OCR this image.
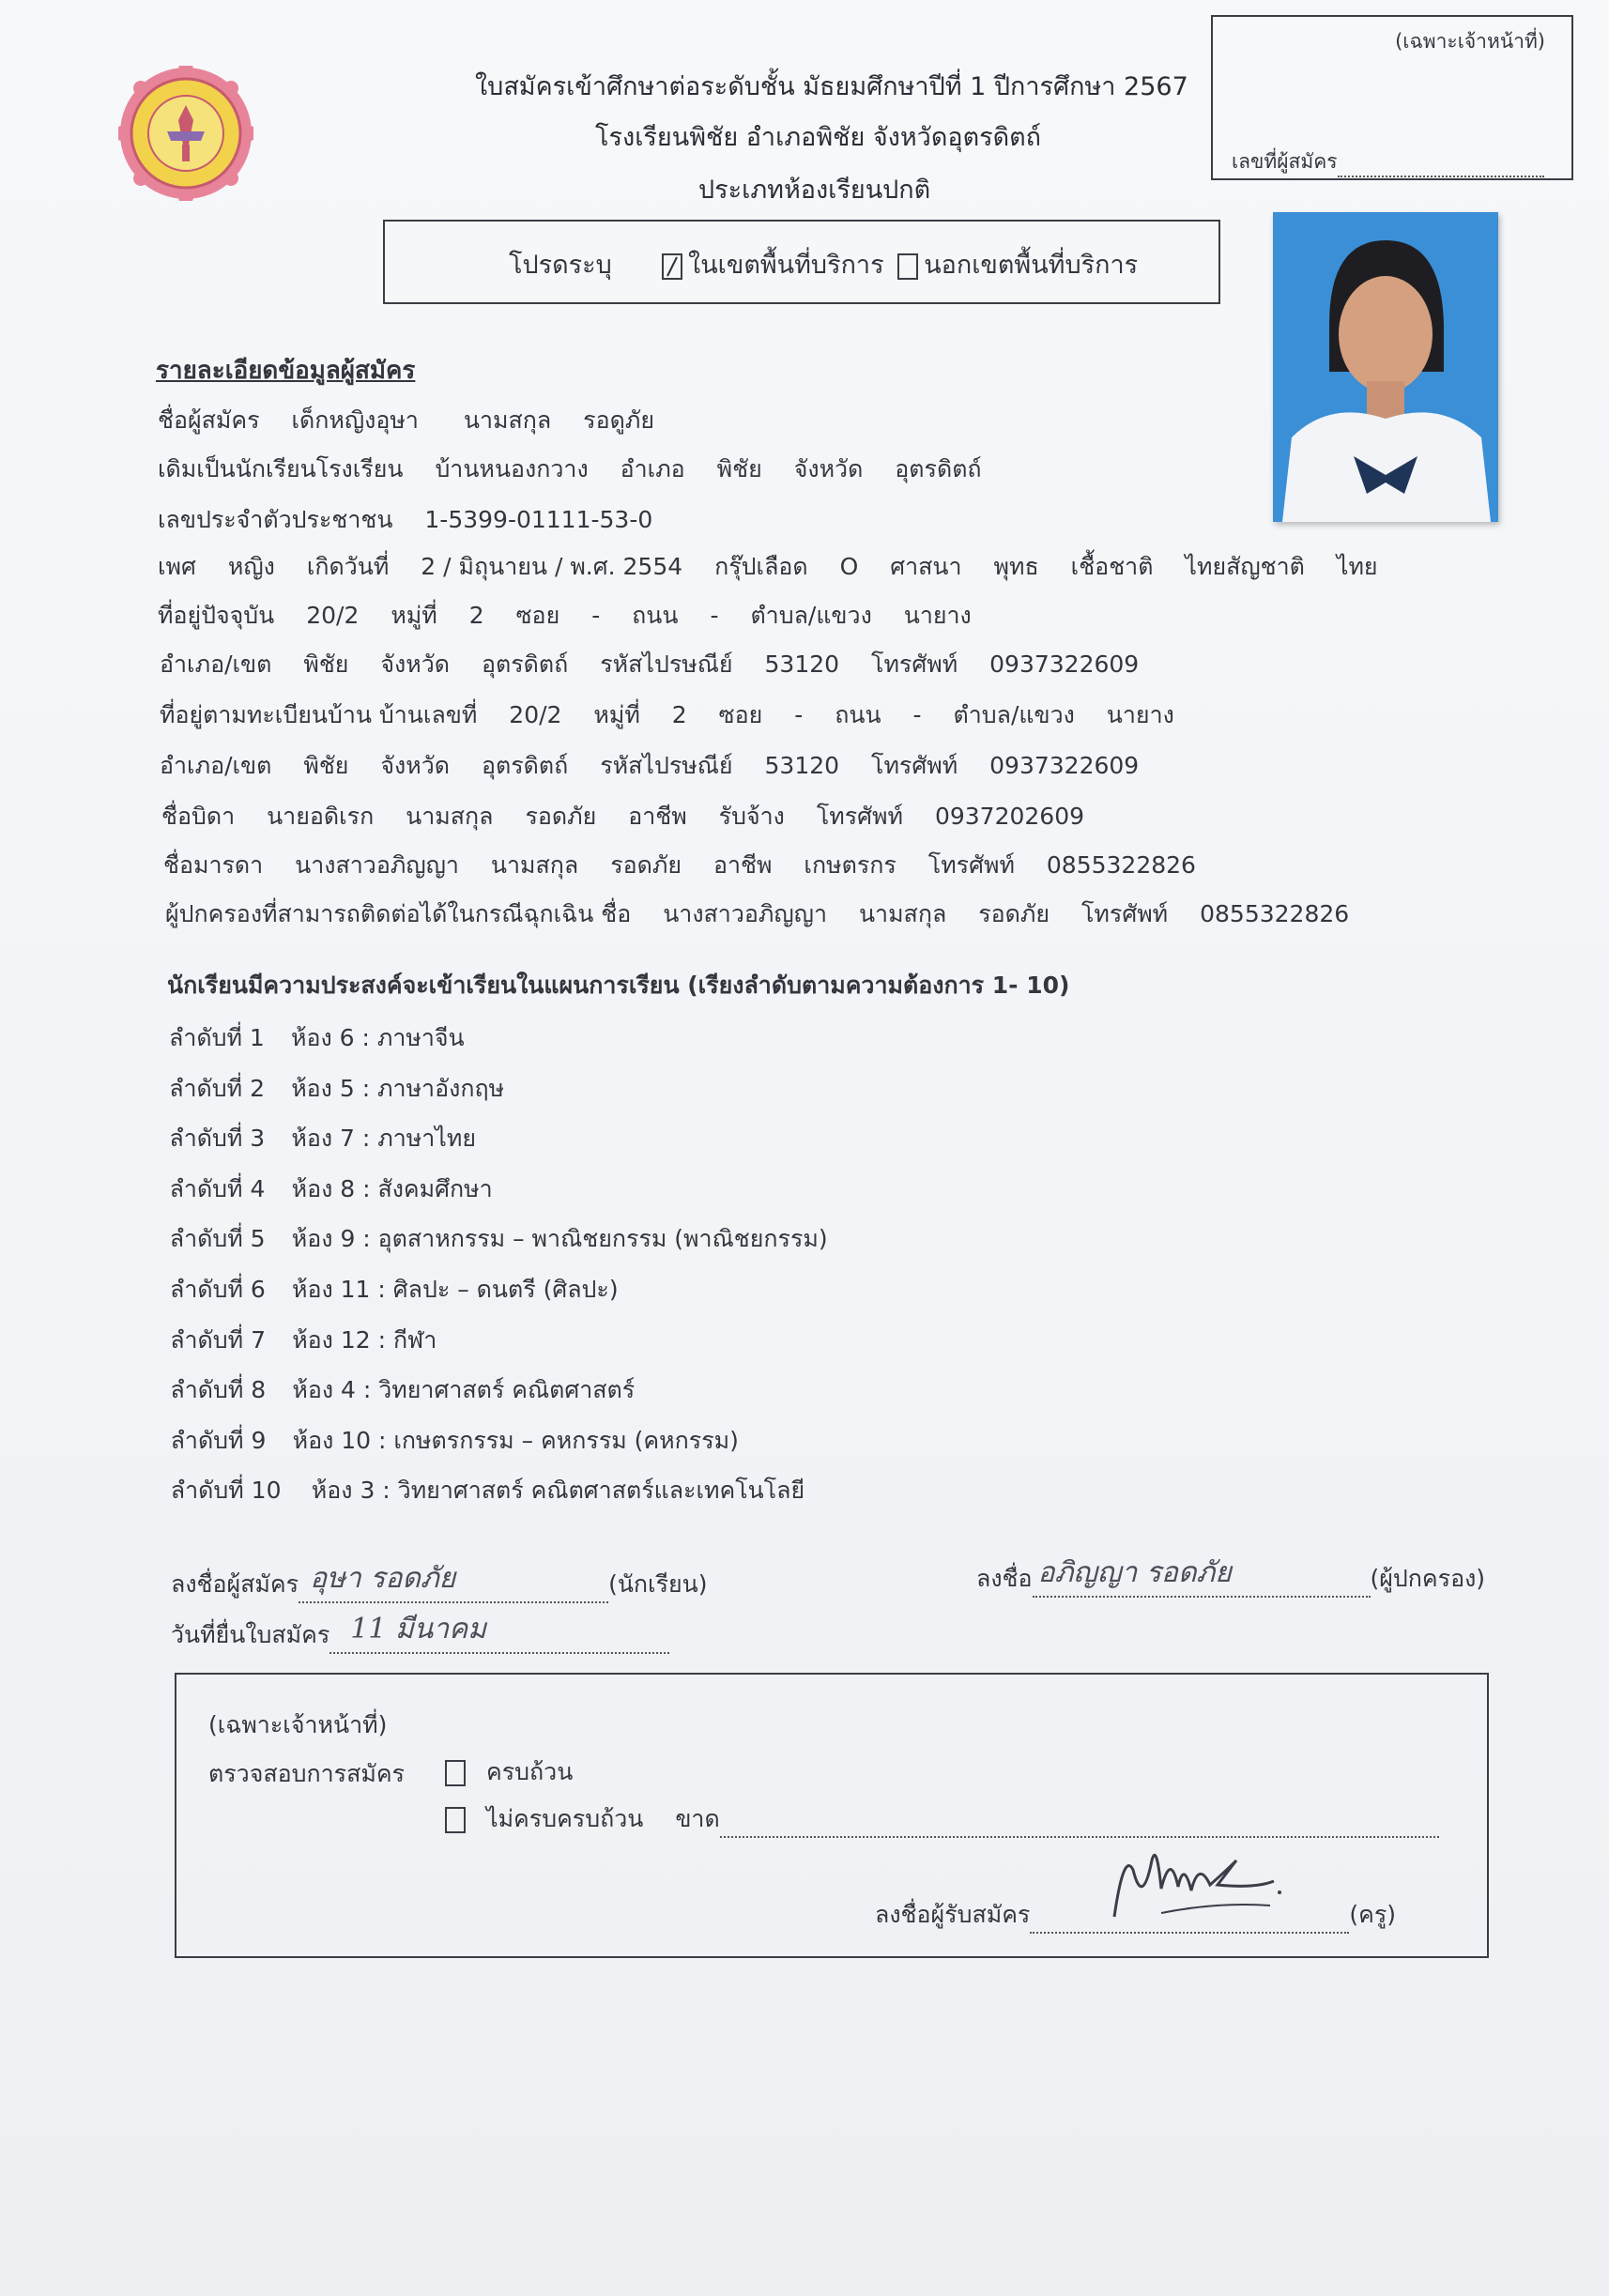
ใบสมัครเข้าศึกษาต่อระดับชั้น มัธยมศึกษาปีที่ 1 ปีการศึกษา 2567
โรงเรียนพิชัย อำเภอพิชัย จังหวัดอุตรดิตถ์
ประเภทห้องเรียนปกติ
(เฉพาะเจ้าหน้าที่)
เลขที่ผู้สมัคร
โปรดระบุ	ในเขตพื้นที่บริการ นอกเขตพื้นที่บริการ
รายละเอียดข้อมูลผู้สมัคร
ชื่อผู้สมัคร เด็กหญิงอุษา นามสกุล รอดูภัย
เดิมเป็นนักเรียนโรงเรียน บ้านหนองกวาง อำเภอ พิชัย จังหวัด อุตรดิตถ์
เลขประจำตัวประชาชน 1-5399-01111-53-0
เพศ หญิง เกิดวันที่ 2 / มิถุนายน / พ.ศ. 2554 กรุ๊ปเลือด O ศาสนา พุทธ เชื้อชาติ ไทยสัญชาติ ไทย
ที่อยู่ปัจจุบัน 20/2 หมู่ที่ 2 ซอย - ถนน - ตำบล/แขวง นายาง
อำเภอ/เขต พิชัย จังหวัด อุตรดิตถ์ รหัสไปรษณีย์ 53120 โทรศัพท์ 0937322609
ที่อยู่ตามทะเบียนบ้าน บ้านเลขที่ 20/2 หมู่ที่ 2 ซอย - ถนน - ตำบล/แขวง นายาง
อำเภอ/เขต พิชัย จังหวัด อุตรดิตถ์ รหัสไปรษณีย์ 53120 โทรศัพท์ 0937322609
ชื่อบิดา นายอดิเรก นามสกุล รอดภัย อาชีพ รับจ้าง โทรศัพท์ 0937202609
ชื่อมารดา นางสาวอภิญญา นามสกุล รอดภัย อาชีพ เกษตรกร โทรศัพท์ 0855322826
ผู้ปกครองที่สามารถติดต่อได้ในกรณีฉุกเฉิน ชื่อ นางสาวอภิญญา นามสกุล รอดภัย โทรศัพท์ 0855322826
นักเรียนมีความประสงค์จะเข้าเรียนในแผนการเรียน (เรียงลำดับตามความต้องการ 1- 10)
ลำดับที่ 1 ห้อง 6 : ภาษาจีน
ลำดับที่ 2 ห้อง 5 : ภาษาอังกฤษ
ลำดับที่ 3 ห้อง 7 : ภาษาไทย
ลำดับที่ 4 ห้อง 8 : สังคมศึกษา
ลำดับที่ 5 ห้อง 9 : อุตสาหกรรม – พาณิชยกรรม (พาณิชยกรรม)
ลำดับที่ 6 ห้อง 11 : ศิลปะ – ดนตรี (ศิลปะ)
ลำดับที่ 7 ห้อง 12 : กีฬา
ลำดับที่ 8 ห้อง 4 : วิทยาศาสตร์ คณิตศาสตร์
ลำดับที่ 9 ห้อง 10 : เกษตรกรรม – คหกรรม (คหกรรม)
ลำดับที่ 10 ห้อง 3 : วิทยาศาสตร์ คณิตศาสตร์และเทคโนโลยี
ลงชื่อผู้สมัคร อุษา รอดภัย	(นักเรียน)	ลงชื่อ อภิญญา รอดภัย	(ผู้ปกครอง)
วันที่ยื่นใบสมัคร 11 มีนาคม
(เฉพาะเจ้าหน้าที่)
ตรวจสอบการสมัคร	ครบถ้วน
ไม่ครบครบถ้วน ขาด
ลงชื่อผู้รับสมัคร	(ครู)
